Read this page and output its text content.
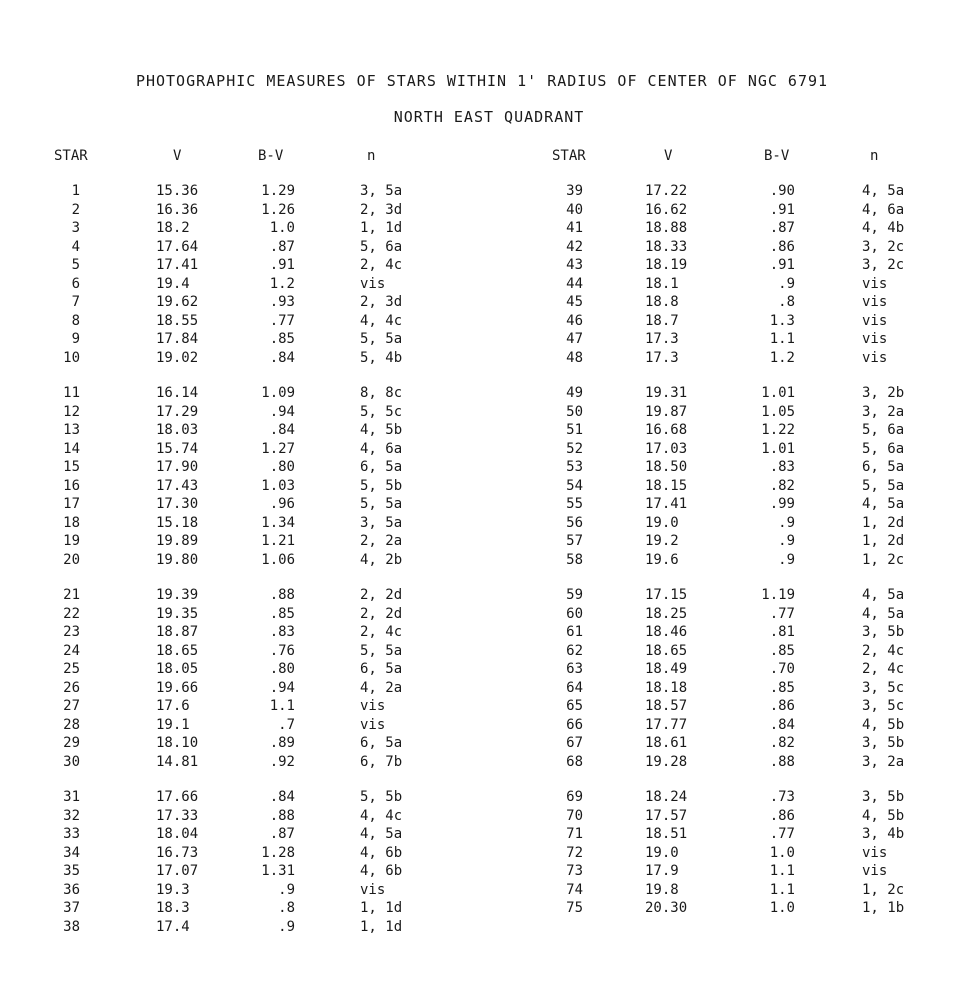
PHOTOGRAPHIC MEASURES OF STARS WITHIN 1' RADIUS OF CENTER OF NGC 6791
NORTH EAST QUADRANT
STAR	V	B-V	n	STAR	V	B-V	n
1	15.36	1.29	3, 5a
2	16.36	1.26	2, 3d
3	18.2	1.0	1, 1d
4	17.64	.87	5, 6a
5	17.41	.91	2, 4c
6	19.4	1.2	vis
7	19.62	.93	2, 3d
8	18.55	.77	4, 4c
9	17.84	.85	5, 5a
10	19.02	.84	5, 4b
11	16.14	1.09	8, 8c
12	17.29	.94	5, 5c
13	18.03	.84	4, 5b
14	15.74	1.27	4, 6a
15	17.90	.80	6, 5a
16	17.43	1.03	5, 5b
17	17.30	.96	5, 5a
18	15.18	1.34	3, 5a
19	19.89	1.21	2, 2a
20	19.80	1.06	4, 2b
21	19.39	.88	2, 2d
22	19.35	.85	2, 2d
23	18.87	.83	2, 4c
24	18.65	.76	5, 5a
25	18.05	.80	6, 5a
26	19.66	.94	4, 2a
27	17.6	1.1	vis
28	19.1	.7	vis
29	18.10	.89	6, 5a
30	14.81	.92	6, 7b
31	17.66	.84	5, 5b
32	17.33	.88	4, 4c
33	18.04	.87	4, 5a
34	16.73	1.28	4, 6b
35	17.07	1.31	4, 6b
36	19.3	.9	vis
37	18.3	.8	1, 1d
38	17.4	.9	1, 1d
39	17.22	.90	4, 5a
40	16.62	.91	4, 6a
41	18.88	.87	4, 4b
42	18.33	.86	3, 2c
43	18.19	.91	3, 2c
44	18.1	.9	vis
45	18.8	.8	vis
46	18.7	1.3	vis
47	17.3	1.1	vis
48	17.3	1.2	vis
49	19.31	1.01	3, 2b
50	19.87	1.05	3, 2a
51	16.68	1.22	5, 6a
52	17.03	1.01	5, 6a
53	18.50	.83	6, 5a
54	18.15	.82	5, 5a
55	17.41	.99	4, 5a
56	19.0	.9	1, 2d
57	19.2	.9	1, 2d
58	19.6	.9	1, 2c
59	17.15	1.19	4, 5a
60	18.25	.77	4, 5a
61	18.46	.81	3, 5b
62	18.65	.85	2, 4c
63	18.49	.70	2, 4c
64	18.18	.85	3, 5c
65	18.57	.86	3, 5c
66	17.77	.84	4, 5b
67	18.61	.82	3, 5b
68	19.28	.88	3, 2a
69	18.24	.73	3, 5b
70	17.57	.86	4, 5b
71	18.51	.77	3, 4b
72	19.0	1.0	vis
73	17.9	1.1	vis
74	19.8	1.1	1, 2c
75	20.30	1.0	1, 1b
